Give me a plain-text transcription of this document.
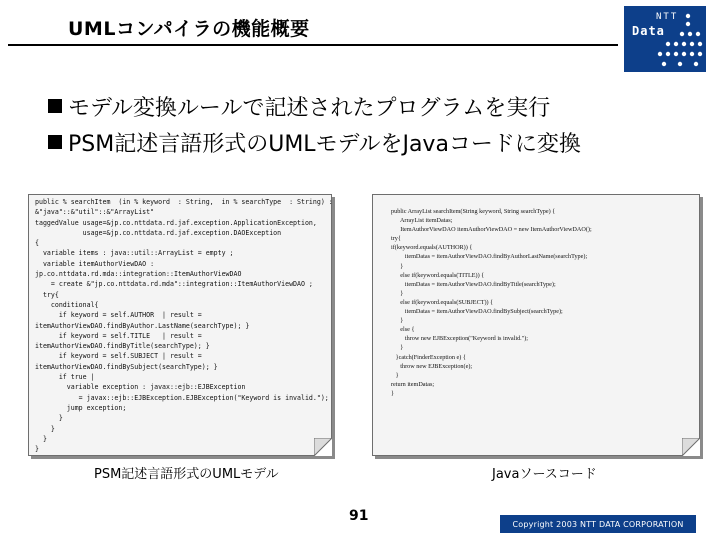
UMLコンパイラの機能概要
NTT
Data
モデル変換ルールで記述されたプログラムを実行
PSM記述言語形式のUMLモデルをJavaコードに変換
public % searchItem  (in % keyword  : String,  in % searchType  : String) :
&"java"::&"util"::&"ArrayList"
taggedValue usage=&jp.co.nttdata.rd.jaf.exception.ApplicationException,
usage=&jp.co.nttdata.rd.jaf.exception.DAOException
{
variable items : java::util::ArrayList = empty ;
variable itemAuthorViewDAO :
jp.co.nttdata.rd.mda::integration::ItemAuthorViewDAO
= create &"jp.co.nttdata.rd.mda"::integration::ItemAuthorViewDAO ;
try{
conditional{
if keyword = self.AUTHOR  | result =
itemAuthorViewDAO.findByAuthor.LastName(searchType); }
if keyword = self.TITLE   | result =
itemAuthorViewDAO.findByTitle(searchType); }
if keyword = self.SUBJECT | result =
itemAuthorViewDAO.findBySubject(searchType); }
if true |
variable exception : javax::ejb::EJBException
= javax::ejb::EJBException.EJBException("Keyword is invalid.");
jump exception;
}
}
}
}
public ArrayList searchItem(String keyword, String searchType) {
ArrayList itemDatas;
ItemAuthorViewDAO itemAuthorViewDAO = new ItemAuthorViewDAO();
try{
if(keyword.equals(AUTHOR)) {
itemDatas = itemAuthorViewDAO.findByAuthorLastName(searchType);
}
else if(keyword.equals(TITLE)) {
itemDatas = itemAuthorViewDAO.findByTitle(searchType);
}
else if(keyword.equals(SUBJECT)) {
itemDatas = itemAuthorViewDAO.findBySubject(searchType);
}
else {
throw new EJBException("Keyword is invalid.");
}
}catch(FinderException e) {
throw new EJBException(e);
}
return itemDatas;
}
PSM記述言語形式のUMLモデル	Javaソースコード
91	Copyright 2003 NTT DATA CORPORATION
